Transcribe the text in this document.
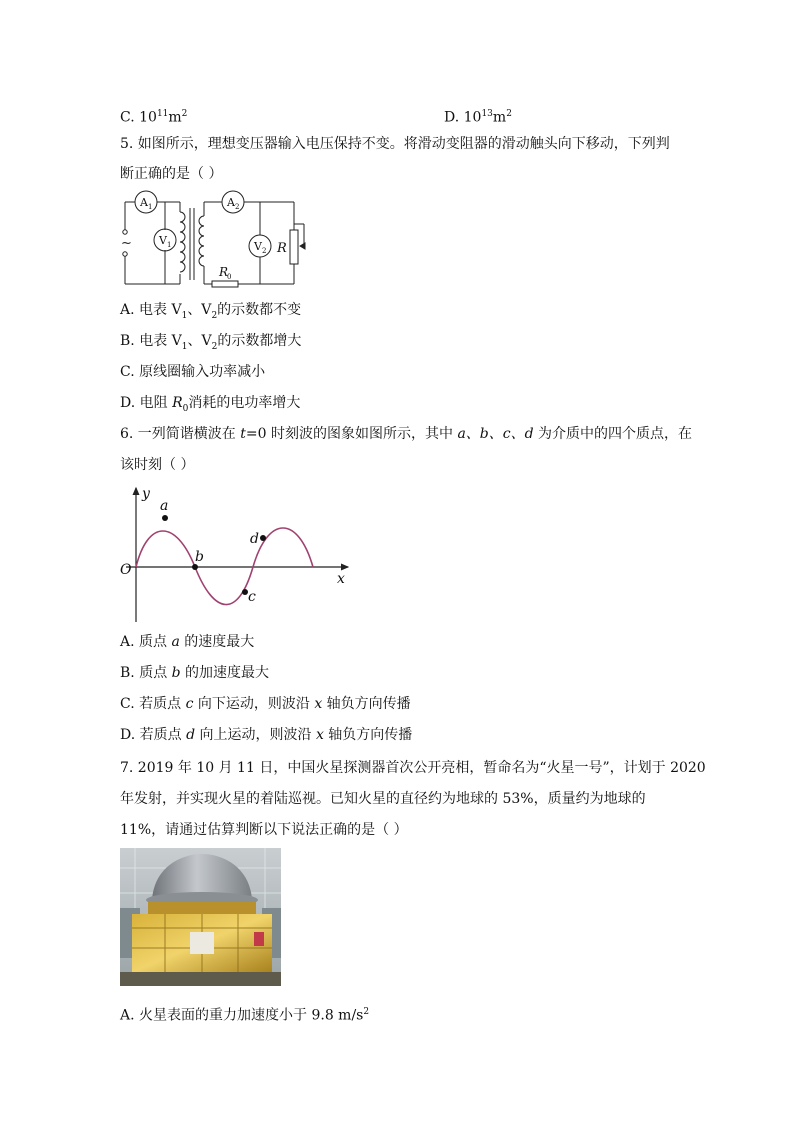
C. $10^{11}m^2$	D. $10^{13}m^2$
5. 如图所示，理想变压器输入电压保持不变。将滑动变阻器的滑动触头向下移动，下列判
断正确的是（ ）
~
A 1
V 1
A 2
V 2 R
R
0
A. 电表 $V_1$、$V_2$的示数都不变
B. 电表 $V_1$、$V_2$的示数都增大
C. 原线圈输入功率减小
D. 电阻 $R_0$消耗的电功率增大
6. 一列简谐横波在 t=0 时刻波的图象如图所示，其中 a、b、c、d 为介质中的四个质点，在
该时刻（ ）
y
x
O
a
b
c
d
A. 质点 a 的速度最大
B. 质点 b 的加速度最大
C. 若质点 c 向下运动，则波沿 x 轴负方向传播
D. 若质点 d 向上运动，则波沿 x 轴负方向传播
7. 2019 年 10 月 11 日，中国火星探测器首次公开亮相，暂命名为“火星一号”，计划于 2020
年发射，并实现火星的着陆巡视。已知火星的直径约为地球的 53%，质量约为地球的
11%，请通过估算判断以下说法正确的是（ ）
A. 火星表面的重力加速度小于 9.8 $m/s^2$
